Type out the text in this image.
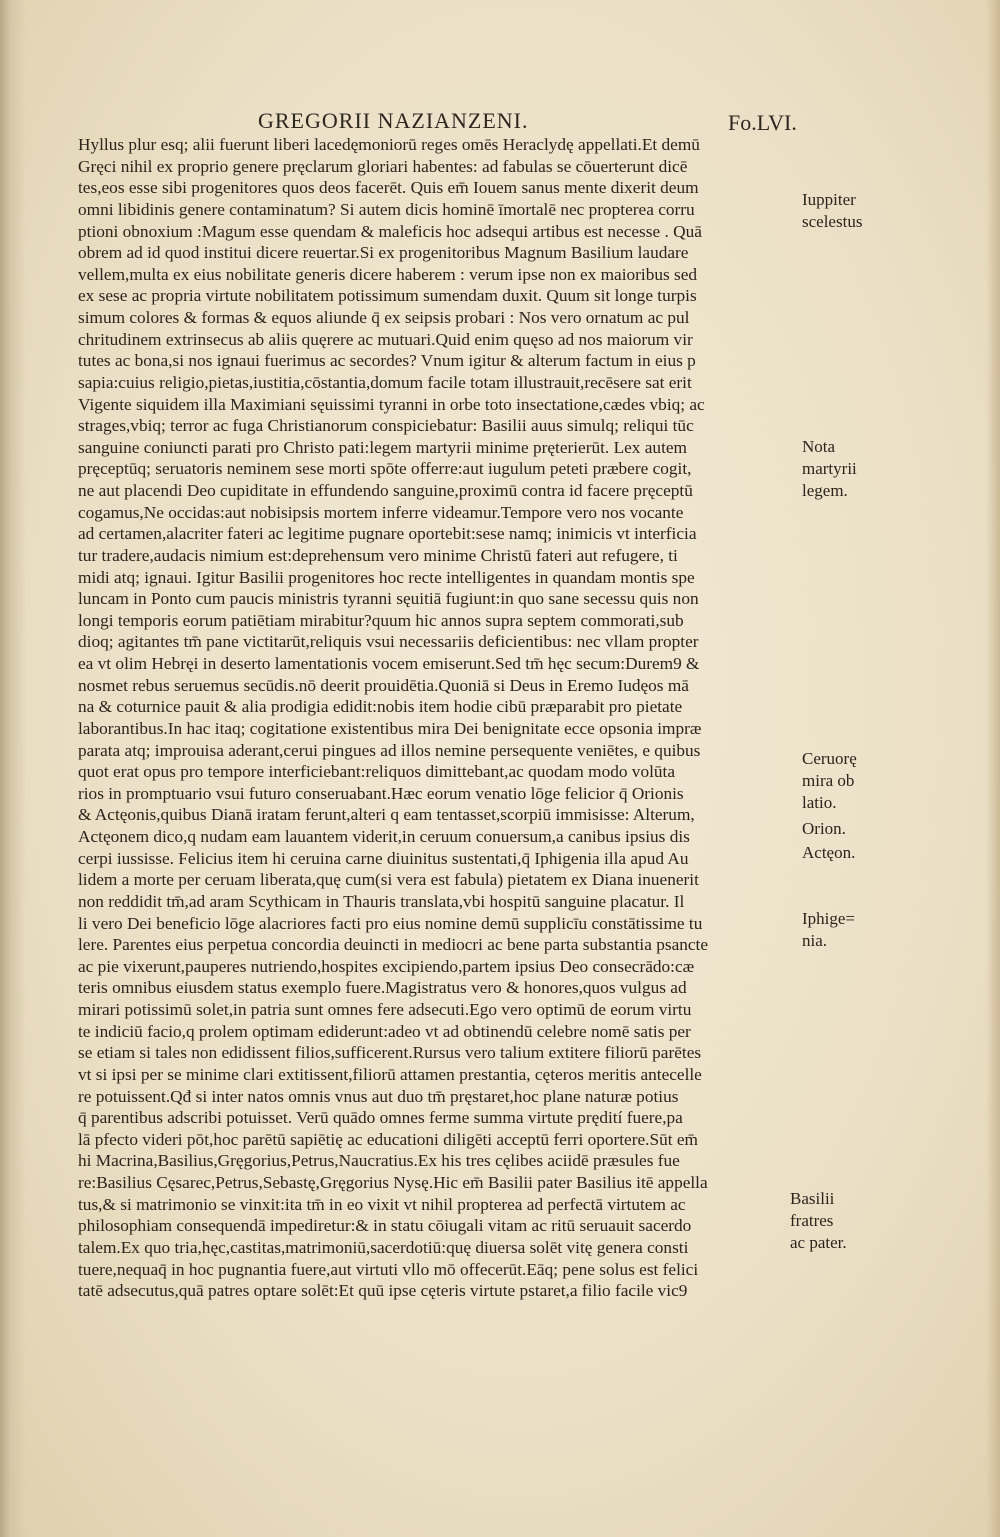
GREGORII NAZIANZENI.	Fo.LVI.
Hyllus plur esq; alii fuerunt liberi lacedęmoniorū reges omēs Heraclydę appellati.Et demū
Gręci nihil ex proprio genere pręclarum gloriari habentes: ad fabulas se cōuerterunt dicē
tes,eos esse sibi progenitores quos deos facerēt. Quis em̄ Iouem sanus mente dixerit deum
omni libidinis genere contaminatum? Si autem dicis hominē īmortalē nec propterea corru
ptioni obnoxium :Magum esse quendam & maleficis hoc adsequi artibus est necesse . Quā
obrem ad id quod institui dicere reuertar.Si ex progenitoribus Magnum Basilium laudare
vellem,multa ex eius nobilitate generis dicere haberem : verum ipse non ex maioribus sed
ex sese ac propria virtute nobilitatem potissimum sumendam duxit. Quum sit longe turpis
simum colores & formas & equos aliunde q̄ ex seipsis probari : Nos vero ornatum ac pul
chritudinem extrinsecus ab aliis quęrere ac mutuari.Quid enim quęso ad nos maiorum vir
tutes ac bona,si nos ignaui fuerimus ac secordes? Vnum igitur & alterum factum in eius p
sapia:cuius religio,pietas,iustitia,cōstantia,domum facile totam illustrauit,recēsere sat erit
Vigente siquidem illa Maximiani sęuissimi tyranni in orbe toto insectatione,cædes vbiq; ac
strages,vbiq; terror ac fuga Christianorum conspiciebatur: Basilii auus simulq; reliqui tūc
sanguine coniuncti parati pro Christo pati:legem martyrii minime pręterierūt. Lex autem
pręceptūq; seruatoris neminem sese morti spōte offerre:aut iugulum peteti præbere cogit,
ne aut placendi Deo cupiditate in effundendo sanguine,proximū contra id facere pręceptū
cogamus,Ne occidas:aut nobisipsis mortem inferre videamur.Tempore vero nos vocante
ad certamen,alacriter fateri ac legitime pugnare oportebit:sese namq; inimicis vt interficia
tur tradere,audacis nimium est:deprehensum vero minime Christū fateri aut refugere, ti
midi atq; ignaui. Igitur Basilii progenitores hoc recte intelligentes in quandam montis spe
luncam in Ponto cum paucis ministris tyranni sęuitiā fugiunt:in quo sane secessu quis non
longi temporis eorum patiētiam mirabitur?quum hic annos supra septem commorati,sub
dioq; agitantes tm̄ pane victitarūt,reliquis vsui necessariis deficientibus: nec vllam propter
ea vt olim Hebręi in deserto lamentationis vocem emiserunt.Sed tm̄ hęc secum:Durem9 &
nosmet rebus seruemus secūdis.nō deerit prouidētia.Quoniā si Deus in Eremo Iudęos mā
na & coturnice pauit & alia prodigia edidit:nobis item hodie cibū præparabit pro pietate
laborantibus.In hac itaq; cogitatione existentibus mira Dei benignitate ecce opsonia impræ
parata atq; improuisa aderant,cerui pingues ad illos nemine persequente veniētes, e quibus
quot erat opus pro tempore interficiebant:reliquos dimittebant,ac quodam modo volūta
rios in promptuario vsui futuro conseruabant.Hæc eorum venatio lōge felicior q̄ Orionis
& Actęonis,quibus Dianā iratam ferunt,alteri q eam tentasset,scorpiū immisisse: Alterum,
Actęonem dico,q nudam eam lauantem viderit,in ceruum conuersum,a canibus ipsius dis
cerpi iussisse. Felicius item hi ceruina carne diuinitus sustentati,q̄ Iphigenia illa apud Au
lidem a morte per ceruam liberata,quę cum(si vera est fabula) pietatem ex Diana inuenerit
non reddidit tm̄,ad aram Scythicam in Thauris translata,vbi hospitū sanguine placatur. Il
li vero Dei beneficio lōge alacriores facti pro eius nomine demū supplicīu constātissime tu
lere. Parentes eius perpetua concordia deuincti in mediocri ac bene parta substantia psancte
ac pie vixerunt,pauperes nutriendo,hospites excipiendo,partem ipsius Deo consecrādo:cæ
teris omnibus eiusdem status exemplo fuere.Magistratus vero & honores,quos vulgus ad
mirari potissimū solet,in patria sunt omnes fere adsecuti.Ego vero optimū de eorum virtu
te indiciū facio,q prolem optimam ediderunt:adeo vt ad obtinendū celebre nomē satis per
se etiam si tales non edidissent filios,sufficerent.Rursus vero talium extitere filiorū parētes
vt si ipsi per se minime clari extitissent,filiorū attamen prestantia, cęteros meritis antecelle
re potuissent.Qđ si inter natos omnis vnus aut duo tm̄ pręstaret,hoc plane naturæ potius
q̄ parentibus adscribi potuisset. Verū quādo omnes ferme summa virtute prędití fuere,pa
lā pfecto videri pōt,hoc parētū sapiētię ac educationi diligēti acceptū ferri oportere.Sūt em̄
hi Macrina,Basilius,Gręgorius,Petrus,Naucratius.Ex his tres cęlibes aciidē præsules fue
re:Basilius Cęsarec,Petrus,Sebastę,Gręgorius Nysę.Hic em̄ Basilii pater Basilius itē appella
tus,& si matrimonio se vinxit:ita tm̄ in eo vixit vt nihil propterea ad perfectā virtutem ac
philosophiam consequendā impediretur:& in statu cōiugali vitam ac ritū seruauit sacerdo
talem.Ex quo tria,hęc,castitas,matrimoniū,sacerdotiū:quę diuersa solēt vitę genera consti
tuere,nequaq̄ in hoc pugnantia fuere,aut virtuti vllo mō offecerūt.Eāq; pene solus est felici
tatē adsecutus,quā patres optare solēt:Et quū ipse cęteris virtute pstaret,a filio facile vic9
Iuppiter
scelestus
Nota
martyrii
legem.
Ceruorę
mira ob
latio.
Orion.
Actęon.
Iphige=
nia.
Basilii
fratres
ac pater.
